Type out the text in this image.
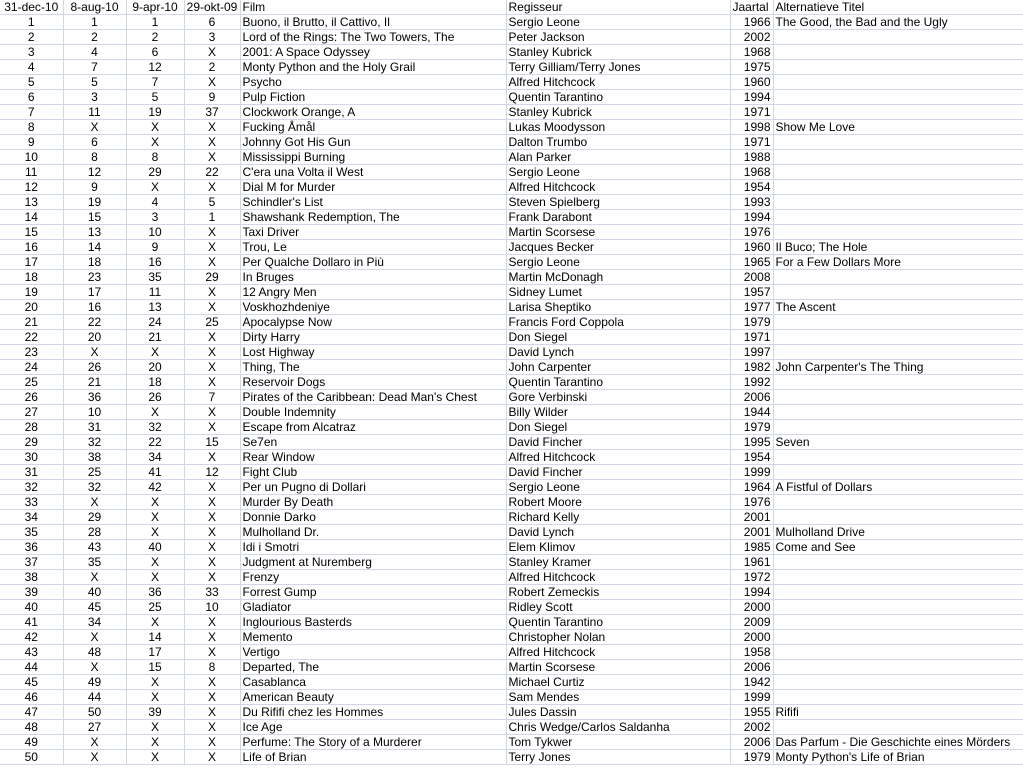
31-dec-10	8-aug-10	9-apr-10	29-okt-09	Film	Regisseur	Jaartal	Alternatieve Titel
1	1	1	6	Buono, il Brutto, il Cattivo, Il	Sergio Leone	1966	The Good, the Bad and the Ugly
2	2	2	3	Lord of the Rings: The Two Towers, The	Peter Jackson	2002	
3	4	6	X	2001: A Space Odyssey	Stanley Kubrick	1968	
4	7	12	2	Monty Python and the Holy Grail	Terry Gilliam/Terry Jones	1975	
5	5	7	X	Psycho	Alfred Hitchcock	1960	
6	3	5	9	Pulp Fiction	Quentin Tarantino	1994	
7	11	19	37	Clockwork Orange, A	Stanley Kubrick	1971	
8	X	X	X	Fucking Åmål	Lukas Moodysson	1998	Show Me Love
9	6	X	X	Johnny Got His Gun	Dalton Trumbo	1971	
10	8	8	X	Mississippi Burning	Alan Parker	1988	
11	12	29	22	C'era una Volta il West	Sergio Leone	1968	
12	9	X	X	Dial M for Murder	Alfred Hitchcock	1954	
13	19	4	5	Schindler's List	Steven Spielberg	1993	
14	15	3	1	Shawshank Redemption, The	Frank Darabont	1994	
15	13	10	X	Taxi Driver	Martin Scorsese	1976	
16	14	9	X	Trou, Le	Jacques Becker	1960	Il Buco; The Hole
17	18	16	X	Per Qualche Dollaro in Più	Sergio Leone	1965	For a Few Dollars More
18	23	35	29	In Bruges	Martin McDonagh	2008	
19	17	11	X	12 Angry Men	Sidney Lumet	1957	
20	16	13	X	Voskhozhdeniye	Larisa Sheptiko	1977	The Ascent
21	22	24	25	Apocalypse Now	Francis Ford Coppola	1979	
22	20	21	X	Dirty Harry	Don Siegel	1971	
23	X	X	X	Lost Highway	David Lynch	1997	
24	26	20	X	Thing, The	John Carpenter	1982	John Carpenter's The Thing
25	21	18	X	Reservoir Dogs	Quentin Tarantino	1992	
26	36	26	7	Pirates of the Caribbean: Dead Man's Chest	Gore Verbinski	2006	
27	10	X	X	Double Indemnity	Billy Wilder	1944	
28	31	32	X	Escape from Alcatraz	Don Siegel	1979	
29	32	22	15	Se7en	David Fincher	1995	Seven
30	38	34	X	Rear Window	Alfred Hitchcock	1954	
31	25	41	12	Fight Club	David Fincher	1999	
32	32	42	X	Per un Pugno di Dollari	Sergio Leone	1964	A Fistful of Dollars
33	X	X	X	Murder By Death	Robert Moore	1976	
34	29	X	X	Donnie Darko	Richard Kelly	2001	
35	28	X	X	Mulholland Dr.	David Lynch	2001	Mulholland Drive
36	43	40	X	Idi i Smotri	Elem Klimov	1985	Come and See
37	35	X	X	Judgment at Nuremberg	Stanley Kramer	1961	
38	X	X	X	Frenzy	Alfred Hitchcock	1972	
39	40	36	33	Forrest Gump	Robert Zemeckis	1994	
40	45	25	10	Gladiator	Ridley Scott	2000	
41	34	X	X	Inglourious Basterds	Quentin Tarantino	2009	
42	X	14	X	Memento	Christopher Nolan	2000	
43	48	17	X	Vertigo	Alfred Hitchcock	1958	
44	X	15	8	Departed, The	Martin Scorsese	2006	
45	49	X	X	Casablanca	Michael Curtiz	1942	
46	44	X	X	American Beauty	Sam Mendes	1999	
47	50	39	X	Du Rififi chez les Hommes	Jules Dassin	1955	Rififi
48	27	X	X	Ice Age	Chris Wedge/Carlos Saldanha	2002	
49	X	X	X	Perfume: The Story of a Murderer	Tom Tykwer	2006	Das Parfum - Die Geschichte eines Mörders
50	X	X	X	Life of Brian	Terry Jones	1979	Monty Python's Life of Brian
